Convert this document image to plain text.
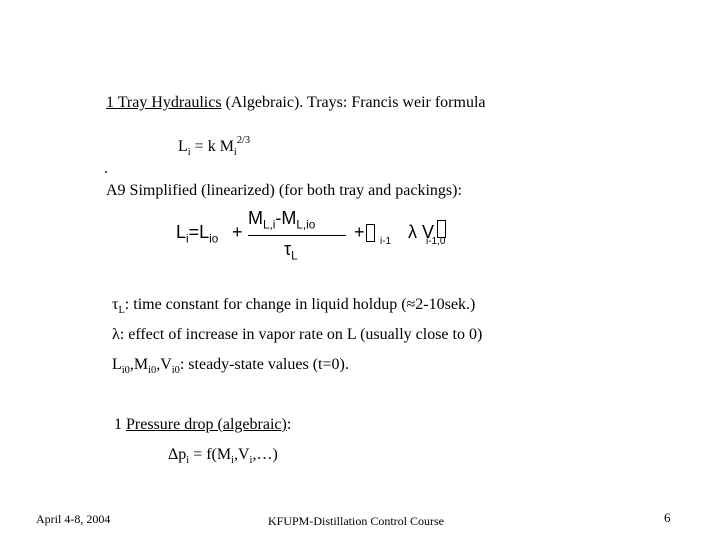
1 Tray Hydraulics (Algebraic). Trays: Francis weir formula
$L_i = k$ $M_i^{2/3}$
.
A9 Simplified (linearized) (for both tray and packings):
$L_i=L_{io}$ +
$M_{L,i}-M_{L,io}$
$\tau_L$
+ i-1 λ V
i-1,0
$\tau_L$: time constant for change in liquid holdup (≈2-10sek.)
λ: effect of increase in vapor rate on L (usually close to 0)
$L_{i0},M_{i0},V_{i0}$: steady-state values (t=0).
1 Pressure drop (algebraic):
$\Delta p_i$ = $f(M_i,V_i,\dots)$
April 4-8, 2004	KFUPM-Distillation Control Course	6
